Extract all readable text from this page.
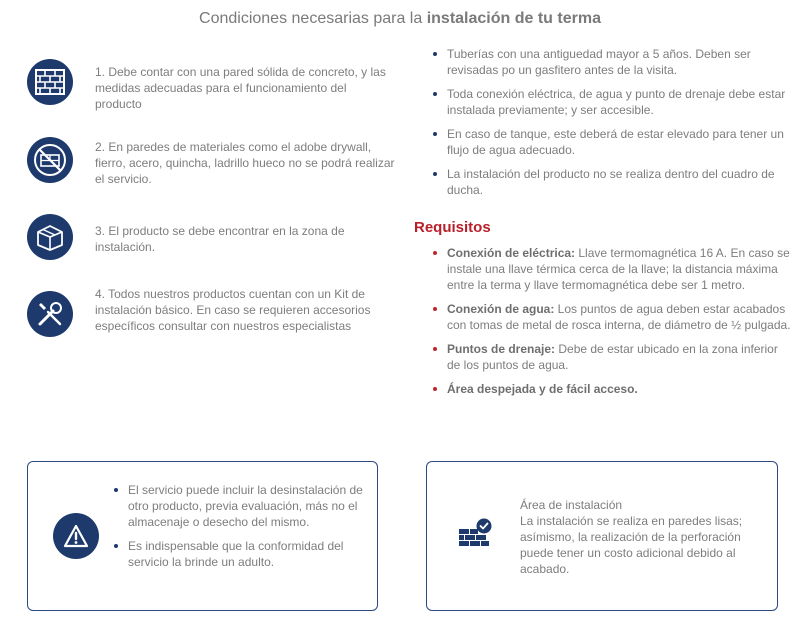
Condiciones necesarias para la instalación de tu terma
1. Debe contar con una pared sólida de concreto, y las medidas adecuadas para el funcionamiento del producto
2. En paredes de materiales como el adobe drywall, fierro, acero, quincha, ladrillo hueco no se podrá realizar el servicio.
3. El producto se debe encontrar en la zona de instalación.
4. Todos nuestros productos cuentan con un Kit de instalación básico. En caso se requieren accesorios específicos consultar con nuestros especialistas
Tuberías con una antiguedad mayor a 5 años. Deben ser revisadas po un gasfitero antes de la visita.
Toda conexión eléctrica, de agua y punto de drenaje debe estar instalada previamente; y ser accesible.
En caso de tanque, este deberá de estar elevado para tener un flujo de agua adecuado.
La instalación del producto no se realiza dentro del cuadro de ducha.
Requisitos
Conexión de eléctrica: Llave termomagnética 16 A. En caso se instale una llave térmica cerca de la llave; la distancia máxima entre la terma y llave termomagnética debe ser 1 metro.
Conexión de agua: Los puntos de agua deben estar acabados con tomas de metal de rosca interna, de diámetro de ½ pulgada.
Puntos de drenaje: Debe de estar ubicado en la zona inferior de los puntos de agua.
Área despejada y de fácil acceso.
El servicio puede incluir la desinstalación de otro producto, previa evaluación, más no el almacenaje o desecho del mismo.
Es indispensable que la conformidad del servicio la brinde un adulto.
Área de instalación
La instalación se realiza en paredes lisas; asímismo, la realización de la perforación puede tener un costo adicional debido al acabado.
